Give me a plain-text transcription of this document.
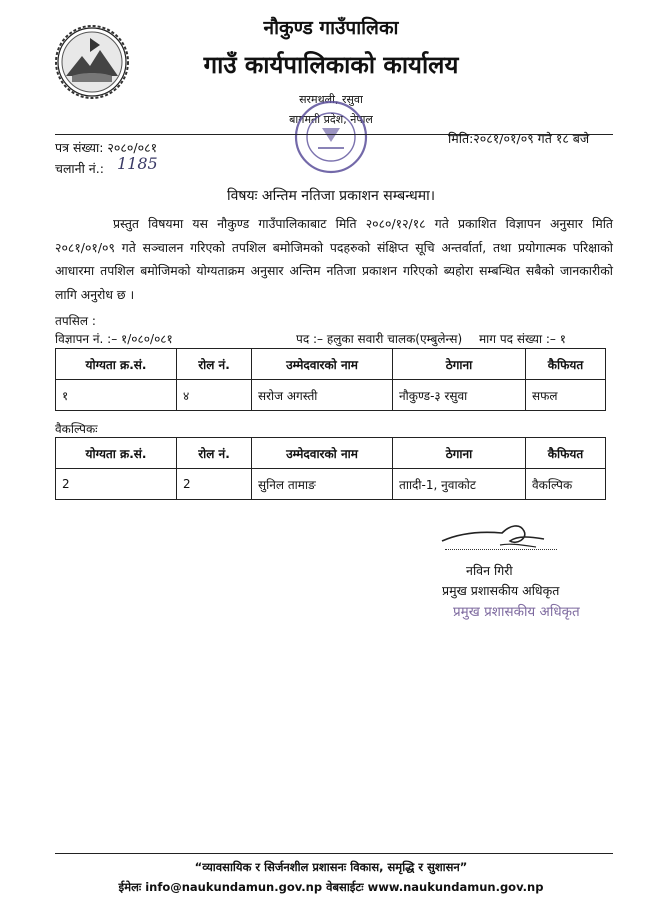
नौकुण्ड गाउँपालिका
गाउँ कार्यपालिकाको कार्यालय
सरमथली, रसुवा
बागमती प्रदेश, नेपाल
पत्र संख्या: २०८०/०८१
मिति:२०८१/०१/०९ गते १८ बजे
चलानी नं.: 1185
विषयः अन्तिम नतिजा प्रकाशन सम्बन्धमा।
प्रस्तुत विषयमा यस नौकुण्ड गाउँपालिकाबाट मिति २०८०/१२/१८ गते प्रकाशित विज्ञापन अनुसार मिति २०८१/०१/०९ गते सञ्चालन गरिएको तपशिल बमोजिमको पदहरुको संक्षिप्त सूचि अन्तर्वार्ता, तथा प्रयोगात्मक परिक्षाको आधारमा तपशिल बमोजिमको योग्यताक्रम अनुसार अन्तिम नतिजा प्रकाशन गरिएको ब्यहोरा सम्बन्धित सबैको जानकारीको लागि अनुरोध छ ।
तपसिल :
विज्ञापन नं. :– १/०८०/०८१	पद :– हलुका सवारी चालक(एम्बुलेन्स) माग पद संख्या :– १
योग्यता क्र.सं.	रोल नं.	उम्मेदवारको नाम	ठेगाना	कैफियत
१	४	सरोज अगस्ती	नौकुण्ड-३ रसुवा	सफल
वैकल्पिकः
योग्यता क्र.सं.	रोल नं.	उम्मेदवारको नाम	ठेगाना	कैफियत
2	2	सुनिल तामाङ	ताादी-1, नुवाकोट	वैकल्पिक
नविन गिरी
प्रमुख प्रशासकीय अधिकृत
प्रमुख प्रशासकीय अधिकृत
“व्यावसायिक र सिर्जनशील प्रशासनः विकास, समृद्धि र सुशासन”
ईमेलः info@naukundamun.gov.np वेबसाईटः www.naukundamun.gov.np
